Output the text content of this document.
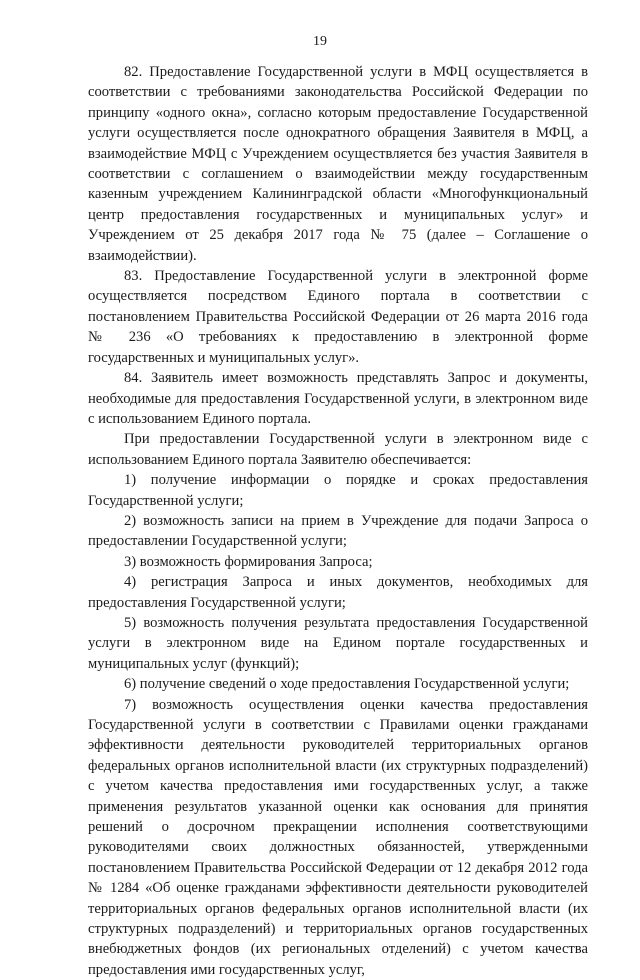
19

82. Предоставление Государственной услуги в МФЦ осуществляется в соответствии с требованиями законодательства Российской Федерации по принципу «одного окна», согласно которым предоставление Государственной услуги осуществляется после однократного обращения Заявителя в МФЦ, а взаимодействие МФЦ с Учреждением осуществляется без участия Заявителя в соответствии с соглашением о взаимодействии между государственным казенным учреждением Калининградской области «Многофункциональный центр предоставления государственных и муниципальных услуг» и Учреждением от 25 декабря 2017 года № 75 (далее – Соглашение о взаимодействии).

83. Предоставление Государственной услуги в электронной форме осуществляется посредством Единого портала в соответствии с постановлением Правительства Российской Федерации от 26 марта 2016 года № 236 «О требованиях к предоставлению в электронной форме государственных и муниципальных услуг».

84. Заявитель имеет возможность представлять Запрос и документы, необходимые для предоставления Государственной услуги, в электронном виде с использованием Единого портала.

При предоставлении Государственной услуги в электронном виде с использованием Единого портала Заявителю обеспечивается:

1) получение информации о порядке и сроках предоставления Государственной услуги;

2) возможность записи на прием в Учреждение для подачи Запроса о предоставлении Государственной услуги;

3) возможность формирования Запроса;

4) регистрация Запроса и иных документов, необходимых для предоставления Государственной услуги;

5) возможность получения результата предоставления Государственной услуги в электронном виде на Едином портале государственных и муниципальных услуг (функций);

6) получение сведений о ходе предоставления Государственной услуги;

7) возможность осуществления оценки качества предоставления Государственной услуги в соответствии с Правилами оценки гражданами эффективности деятельности руководителей территориальных органов федеральных органов исполнительной власти (их структурных подразделений) с учетом качества предоставления ими государственных услуг, а также применения результатов указанной оценки как основания для принятия решений о досрочном прекращении исполнения соответствующими руководителями своих должностных обязанностей, утвержденными постановлением Правительства Российской Федерации от 12 декабря 2012 года № 1284 «Об оценке гражданами эффективности деятельности руководителей территориальных органов федеральных органов исполнительной власти (их структурных подразделений) и территориальных органов государственных внебюджетных фондов (их региональных отделений) с учетом качества предоставления ими государственных услуг,
